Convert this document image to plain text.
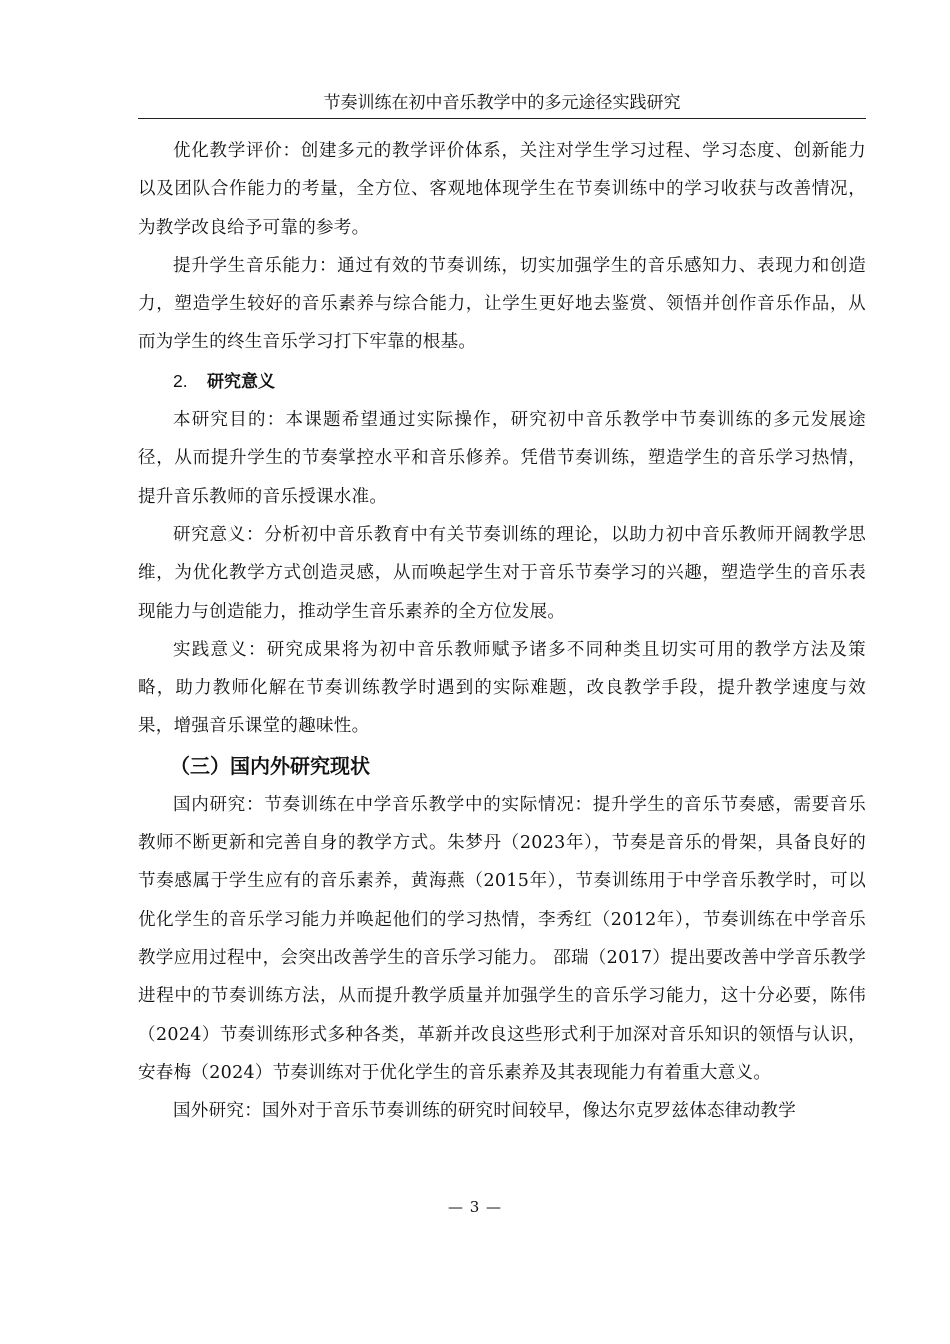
节奏训练在初中音乐教学中的多元途径实践研究

优化教学评价：创建多元的教学评价体系，关注对学生学习过程、学习态度、创新能力以及团队合作能力的考量，全方位、客观地体现学生在节奏训练中的学习收获与改善情况，为教学改良给予可靠的参考。

提升学生音乐能力：通过有效的节奏训练，切实加强学生的音乐感知力、表现力和创造力，塑造学生较好的音乐素养与综合能力，让学生更好地去鉴赏、领悟并创作音乐作品，从而为学生的终生音乐学习打下牢靠的根基。

2. 研究意义

本研究目的：本课题希望通过实际操作，研究初中音乐教学中节奏训练的多元发展途径，从而提升学生的节奏掌控水平和音乐修养。凭借节奏训练，塑造学生的音乐学习热情，提升音乐教师的音乐授课水准。

研究意义：分析初中音乐教育中有关节奏训练的理论，以助力初中音乐教师开阔教学思维，为优化教学方式创造灵感，从而唤起学生对于音乐节奏学习的兴趣，塑造学生的音乐表现能力与创造能力，推动学生音乐素养的全方位发展。

实践意义：研究成果将为初中音乐教师赋予诸多不同种类且切实可用的教学方法及策略，助力教师化解在节奏训练教学时遇到的实际难题，改良教学手段，提升教学速度与效果，增强音乐课堂的趣味性。

（三）国内外研究现状

国内研究：节奏训练在中学音乐教学中的实际情况：提升学生的音乐节奏感，需要音乐教师不断更新和完善自身的教学方式。朱梦丹（2023年），节奏是音乐的骨架，具备良好的节奏感属于学生应有的音乐素养，黄海燕（2015年），节奏训练用于中学音乐教学时，可以优化学生的音乐学习能力并唤起他们的学习热情，李秀红（2012年），节奏训练在中学音乐教学应用过程中，会突出改善学生的音乐学习能力。 邵瑞（2017）提出要改善中学音乐教学进程中的节奏训练方法，从而提升教学质量并加强学生的音乐学习能力，这十分必要，陈伟（2024）节奏训练形式多种各类，革新并改良这些形式利于加深对音乐知识的领悟与认识，安春梅（2024）节奏训练对于优化学生的音乐素养及其表现能力有着重大意义。

国外研究：国外对于音乐节奏训练的研究时间较早，像达尔克罗兹体态律动教学

— 3 —
